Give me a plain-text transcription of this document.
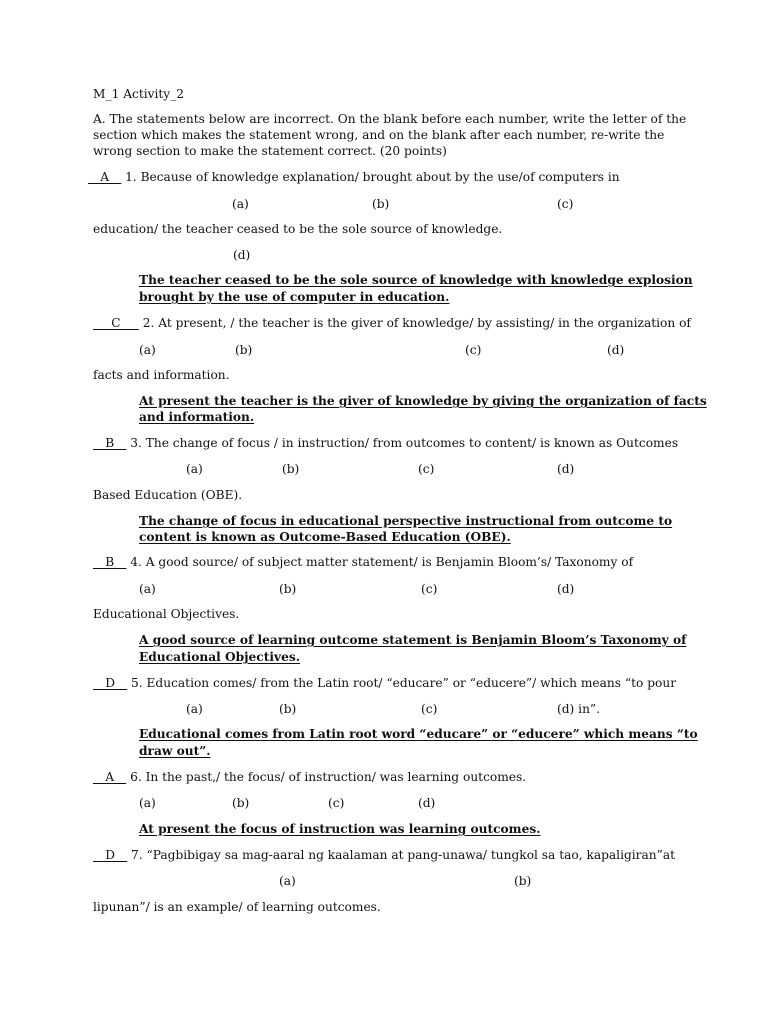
M_1 Activity_2
A. The statements below are incorrect. On the blank before each number, write the letter of the
section which makes the statement wrong, and on the blank after each number, re-write the
wrong section to make the statement correct. (20 points)
__A__ 1. Because of knowledge explanation/ brought about by the use/of computers in
(a)	(b)	(c)
education/ the teacher ceased to be the sole source of knowledge.
(d)
The teacher ceased to be the sole source of knowledge with knowledge explosion
brought by the use of computer in education.
___C___ 2. At present, / the teacher is the giver of knowledge/ by assisting/ in the organization of
(a)	(b)	(c)	(d)
facts and information.
At present the teacher is the giver of knowledge by giving the organization of facts
and information.
__B__ 3. The change of focus / in instruction/ from outcomes to content/ is known as Outcomes
(a)	(b)	(c)	(d)
Based Education (OBE).
The change of focus in educational perspective instructional from outcome to
content is known as Outcome-Based Education (OBE).
__B__ 4. A good source/ of subject matter statement/ is Benjamin Bloom’s/ Taxonomy of
(a)	(b)	(c)	(d)
Educational Objectives.
A good source of learning outcome statement is Benjamin Bloom’s Taxonomy of
Educational Objectives.
__D__ 5. Education comes/ from the Latin root/ “educare” or “educere”/ which means “to pour
(a)	(b)	(c)	(d) in”.
Educational comes from Latin root word “educare” or “educere” which means “to
draw out”.
__A__ 6. In the past,/ the focus/ of instruction/ was learning outcomes.
(a)	(b)	(c)	(d)
At present the focus of instruction was learning outcomes.
__D__ 7. “Pagbibigay sa mag-aaral ng kaalaman at pang-unawa/ tungkol sa tao, kapaligiran”at
(a)	(b)
lipunan”/ is an example/ of learning outcomes.
